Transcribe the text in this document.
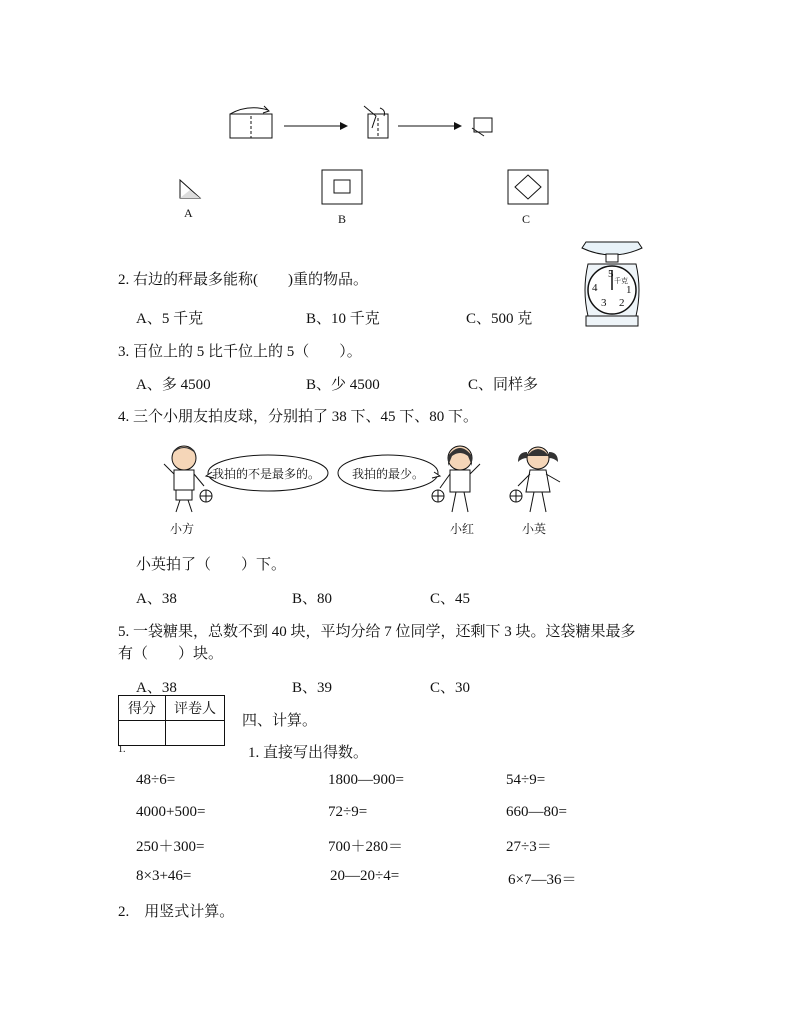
A	B	C
2. 右边的秤最多能称(　　)重的物品。
A、5 千克	B、10 千克	C、500 克
5
千克
1
2
3
4
3. 百位上的 5 比千位上的 5（　　）。
A、多 4500	B、少 4500	C、同样多
4. 三个小朋友拍皮球，分别拍了 38 下、45 下、80 下。
我拍的不是最多的。	我拍的最少。
小方	小红	小英
小英拍了（　　）下。
A、38	B、80	C、45
5. 一袋糖果，总数不到 40 块，平均分给 7 位同学，还剩下 3 块。这袋糖果最多
有（　　）块。
A、38	B、39	C、30
得分	评卷人

1.
四、计算。
1. 直接写出得数。
48÷6=	1800—900=	54÷9=
4000+500=	72÷9=	660—80=
250＋300=	700＋280＝	27÷3＝
8×3+46=	20—20÷4=	6×7—36＝
2.    用竖式计算。
